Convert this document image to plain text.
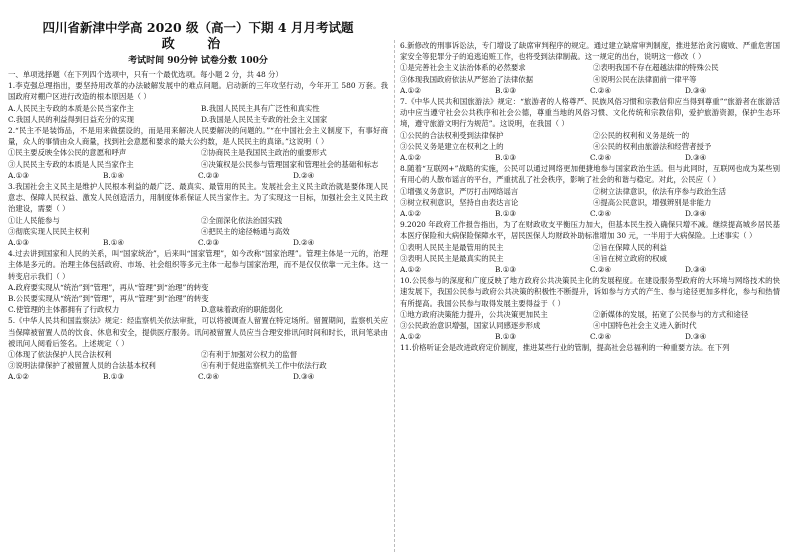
四川省新津中学高 2020 级（高一）下期 4 月月考试题

政 治

考试时间 90分钟 试卷分数 100分

一、单项选择题（在下列四个选项中，只有一个最优选项。每小题 2 分，共 48 分）

1.李克强总理指出，要坚持用改革的办法破解发展中的难点问题。启动新的三年攻坚行动，今年开工 580 万套。我国政府对棚户区进行改造的根本原因是（ ）

A.人民民主专政的本质是公民当家作主	B.我国人民民主具有广泛性和真实性
C.我国人民的利益得到日益充分的实现	D.我国是人民民主专政的社会主义国家

2.“民主不是装饰品，不是用来做摆设的，而是用来解决人民要解决的问题的。”“在中国社会主义制度下，有事好商量，众人的事情由众人商量，找到社会意愿和要求的最大公约数，是人民民主的真谛。”这说明（ ）

①民主要反映全体公民的意愿和呼声	②协商民主是我国民主政治的重要形式
③人民民主专政的本质是人民当家作主	④决策权是公民参与管理国家和管理社会的基础和标志
A.①③	B.①④	C.②③	D.②④

3.我国社会主义民主是维护人民根本利益的最广泛、最真实、最管用的民主。发展社会主义民主政治就是要体现人民意志、保障人民权益、激发人民创造活力，用制度体系保证人民当家作主。为了实现这一目标，加强社会主义民主政治建设，需要（ ）

①让人民能参与	②全面深化依法治国实践
③彻底实现人民民主权利	④把民主的途径畅通与高效
A.①③	B.①④	C.②③	D.②④

4.过去讲到国家和人民的关系，叫“国家统治”，后来叫“国家管理”，如今改称“国家治理”。管理主体是一元的，治理主体是多元的。治理主体包括政府、市场、社会组织等多元主体一起参与国家治理，而不是仅仅依靠一元主体。这一转变启示我们（ ）

A.政府要实现从“统治”到“管理”，再从“管理”到“治理”的转变
B.公民要实现从“统治”到“管理”，再从“管理”到“治理”的转变
C.使管理的主体都拥有了行政权力	D.意味着政府的职能弱化

5.《中华人民共和国监察法》规定：经监察机关依法审批，可以将被调查人留置在特定场所。留置期间，监察机关应当保障被留置人员的饮食、休息和安全，提供医疗服务。讯问被留置人员应当合理安排讯问时间和时长，讯问笔录由被讯问人阅看后签名。上述规定（ ）

①体现了依法保护人民合法权利	②有利于加强对公权力的监督
③说明法律保护了被留置人员的合法基本权利	④有利于促进监察机关工作中依法行政
A.①②	B.①③	C.②④	D.③④

6.新修改的刑事诉讼法，专门增设了缺席审判程序的规定。通过建立缺席审判制度，推进惩治贪污腐败、严重危害国家安全等犯罪分子的追逃追赃工作，也将受到法律制裁。这一规定的出台，说明这一修改（ ）

①是完善社会主义法治体系的必然要求	②表明我国不存在超越法律的特殊公民
③体现我国政府依法从严惩治了法律依据	④说明公民在法律面前一律平等
A.①②	B.①③	C.②④	D.③④

7.《中华人民共和国旅游法》规定：“旅游者的人格尊严、民族风俗习惯和宗教信仰应当得到尊重”“旅游者在旅游活动中应当遵守社会公共秩序和社会公德，尊重当地的风俗习惯、文化传统和宗教信仰，爱护旅游资源，保护生态环境，遵守旅游文明行为规范”。这说明，在我国（ ）

①公民的合法权利受到法律保护	②公民的权利和义务是统一的
③公民义务是建立在权利之上的	④公民的权利由旅游法和经营者授予
A.①②	B.①③	C.②④	D.③④

8.随着“互联网+”战略的实施，公民可以通过网络更加便捷地参与国家政治生活。但与此同时，互联网也成为某些别有用心的人散布谣言的平台，严重扰乱了社会秩序，影响了社会的和谐与稳定。对此，公民应（ ）

①增强义务意识，严厉打击网络谣言	②树立法律意识，依法有序参与政治生活
③树立权利意识，坚持自由表达言论	④提高公民意识，增强辨别是非能力
A.①②	B.①③	C.②④	D.③④

9.2020 年政府工作报告指出，为了在财政收支平衡压力加大，但基本民生投入确保只增不减。继续提高城乡居民基本医疗保险和大病保险保障水平，居民医保人均财政补助标准增加 30 元，一半用于大病保险。上述事实（ ）

①表明人民民主是最管用的民主	②旨在保障人民的利益
③表明人民民主是最真实的民主	④旨在树立政府的权威
A.①②	B.①③	C.②④	D.③④

10.公民参与的深度和广度反映了地方政府公共决策民主化的发展程度。在建设服务型政府的大环境与网络技术的快速发展下，我国公民参与政府公共决策的积极性不断提升，诉如参与方式的产生、参与途径更加多样化，参与和热情有所提高。我国公民参与取得发展主要得益于（ ）

①地方政府决策能力提升，公共决策更加民主	②新媒体的发展，拓宽了公民参与的方式和途径
③公民政治意识增强，国家认同感逐步形成	④中国特色社会主义进入新时代
A.①②	B.①③	C.②④	D.③④

11.价格听证会是改进政府定价制度，推进某些行业的管制，提高社会总福利的一种重要方法。在下列
